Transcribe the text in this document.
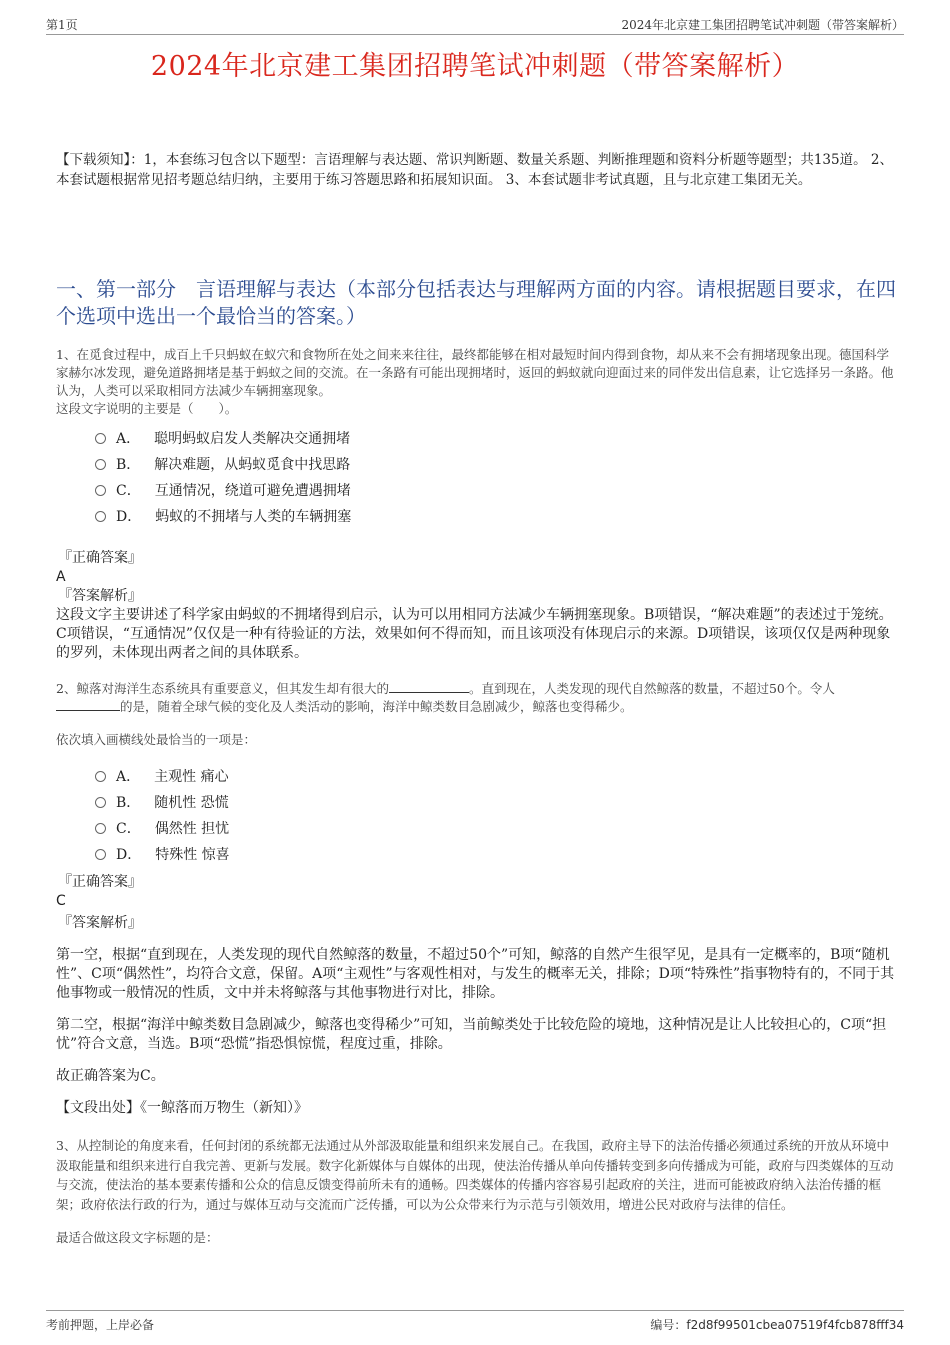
第1页	2024年北京建工集团招聘笔试冲刺题（带答案解析）
2024年北京建工集团招聘笔试冲刺题（带答案解析）
【下载须知】：1，本套练习包含以下题型：言语理解与表达题、常识判断题、数量关系题、判断推理题和资料分析题等题型；共135道。 2、本套试题根据常见招考题总结归纳，主要用于练习答题思路和拓展知识面。 3、本套试题非考试真题，且与北京建工集团无关。
一、第一部分　言语理解与表达（本部分包括表达与理解两方面的内容。请根据题目要求，在四个选项中选出一个最恰当的答案。）

1、在觅食过程中，成百上千只蚂蚁在蚁穴和食物所在处之间来来往往，最终都能够在相对最短时间内得到食物，却从来不会有拥堵现象出现。德国科学家赫尔冰发现，避免道路拥堵是基于蚂蚁之间的交流。在一条路有可能出现拥堵时，返回的蚂蚁就向迎面过来的同伴发出信息素，让它选择另一条路。他认为，人类可以采取相同方法减少车辆拥塞现象。

这段文字说明的主要是（　　）。

A． 聪明蚂蚁启发人类解决交通拥堵
B． 解决难题，从蚂蚁觅食中找思路
C． 互通情况，绕道可避免遭遇拥堵
D． 蚂蚁的不拥堵与人类的车辆拥塞
『正确答案』
A
『答案解析』

这段文字主要讲述了科学家由蚂蚁的不拥堵得到启示，认为可以用相同方法减少车辆拥塞现象。B项错误，“解决难题”的表述过于笼统。C项错误，“互通情况”仅仅是一种有待验证的方法，效果如何不得而知，而且该项没有体现启示的来源。D项错误，该项仅仅是两种现象的罗列，未体现出两者之间的具体联系。

2、鲸落对海洋生态系统具有重要意义，但其发生却有很大的	。直到现在，人类发现的现代自然鲸落的数量，不超过50个。令人的是，随着全球气候的变化及人类活动的影响，海洋中鲸类数目急剧减少，鲸落也变得稀少。

依次填入画横线处最恰当的一项是：

A． 主观性 痛心
B． 随机性 恐慌
C． 偶然性 担忧
D． 特殊性 惊喜
『正确答案』
C
『答案解析』

第一空，根据“直到现在，人类发现的现代自然鲸落的数量，不超过50个”可知，鲸落的自然产生很罕见，是具有一定概率的，B项“随机性”、C项“偶然性”，均符合文意，保留。A项“主观性”与客观性相对，与发生的概率无关，排除；D项“特殊性”指事物特有的，不同于其他事物或一般情况的性质，文中并未将鲸落与其他事物进行对比，排除。

第二空，根据“海洋中鲸类数目急剧减少，鲸落也变得稀少”可知，当前鲸类处于比较危险的境地，这种情况是让人比较担心的，C项“担忧”符合文意，当选。B项“恐慌”指恐惧惊慌，程度过重，排除。

故正确答案为C。

【文段出处】《一鲸落而万物生（新知）》

3、从控制论的角度来看，任何封闭的系统都无法通过从外部汲取能量和组织来发展自己。在我国，政府主导下的法治传播必须通过系统的开放从环境中汲取能量和组织来进行自我完善、更新与发展。数字化新媒体与自媒体的出现，使法治传播从单向传播转变到多向传播成为可能，政府与四类媒体的互动与交流，使法治的基本要素传播和公众的信息反馈变得前所未有的通畅。四类媒体的传播内容容易引起政府的关注，进而可能被政府纳入法治传播的框架；政府依法行政的行为，通过与媒体互动与交流而广泛传播，可以为公众带来行为示范与引领效用，增进公民对政府与法律的信任。

最适合做这段文字标题的是：

考前押题，上岸必备	编号：f2d8f99501cbea07519f4fcb878fff34
